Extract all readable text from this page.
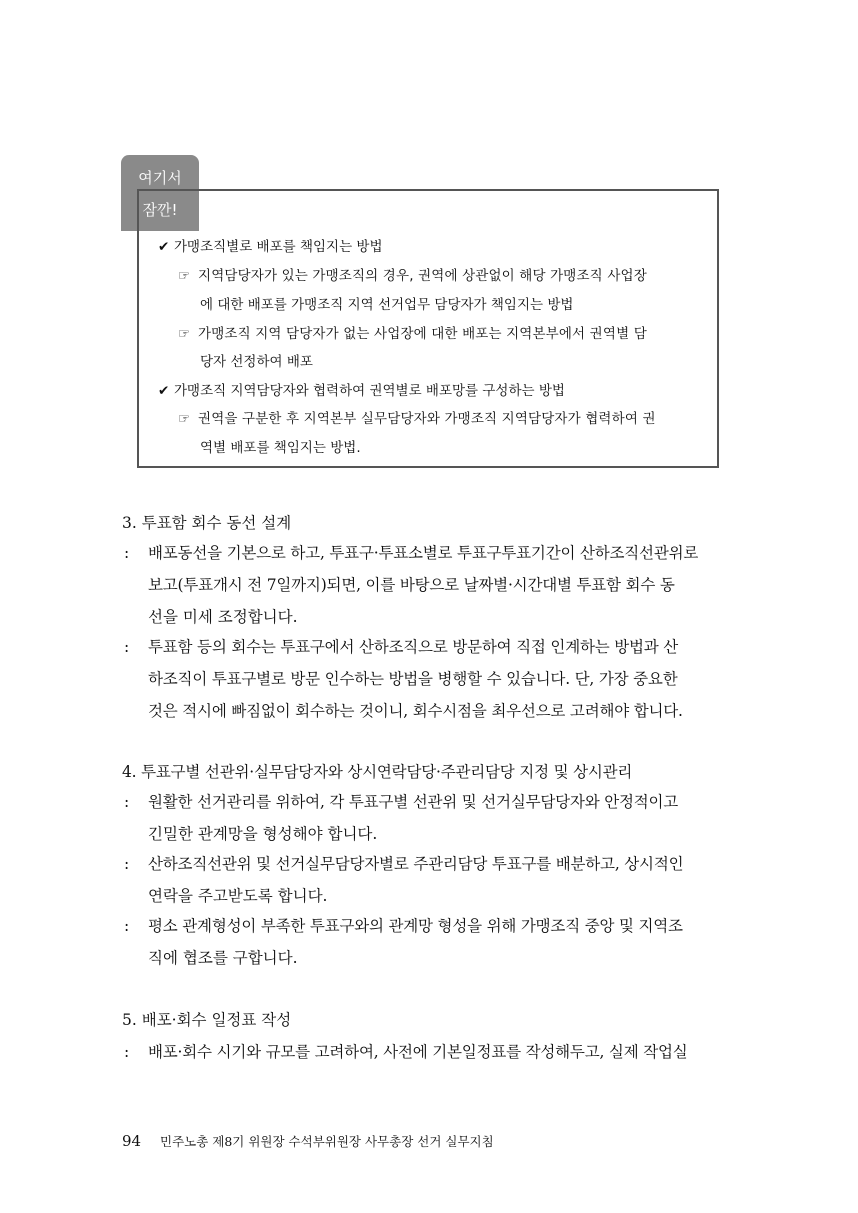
여기서
잠깐!
✔ 가맹조직별로 배포를 책임지는 방법
☞ 지역담당자가 있는 가맹조직의 경우, 권역에 상관없이 해당 가맹조직 사업장
에 대한 배포를 가맹조직 지역 선거업무 담당자가 책임지는 방법
☞ 가맹조직 지역 담당자가 없는 사업장에 대한 배포는 지역본부에서 권역별 담
당자 선정하여 배포
✔ 가맹조직 지역담당자와 협력하여 권역별로 배포망를 구성하는 방법
☞ 권역을 구분한 후 지역본부 실무담당자와 가맹조직 지역담당자가 협력하여 권
역별 배포를 책임지는 방법.
3. 투표함 회수 동선 설계
: 배포동선을 기본으로 하고, 투표구·투표소별로 투표구투표기간이 산하조직선관위로
보고(투표개시 전 7일까지)되면, 이를 바탕으로 날짜별·시간대별 투표함 회수 동
선을 미세 조정합니다.
: 투표함 등의 회수는 투표구에서 산하조직으로 방문하여 직접 인계하는 방법과 산
하조직이 투표구별로 방문 인수하는 방법을 병행할 수 있습니다. 단, 가장 중요한
것은 적시에 빠짐없이 회수하는 것이니, 회수시점을 최우선으로 고려해야 합니다.
4. 투표구별 선관위·실무담당자와 상시연락담당·주관리담당 지정 및 상시관리
: 원활한 선거관리를 위하여, 각 투표구별 선관위 및 선거실무담당자와 안정적이고
긴밀한 관계망을 형성해야 합니다.
: 산하조직선관위 및 선거실무담당자별로 주관리담당 투표구를 배분하고, 상시적인
연락을 주고받도록 합니다.
: 평소 관계형성이 부족한 투표구와의 관계망 형성을 위해 가맹조직 중앙 및 지역조
직에 협조를 구합니다.
5. 배포·회수 일정표 작성
: 배포·회수 시기와 규모를 고려하여, 사전에 기본일정표를 작성해두고, 실제 작업실
94 민주노총 제8기 위원장 수석부위원장 사무총장 선거 실무지침
